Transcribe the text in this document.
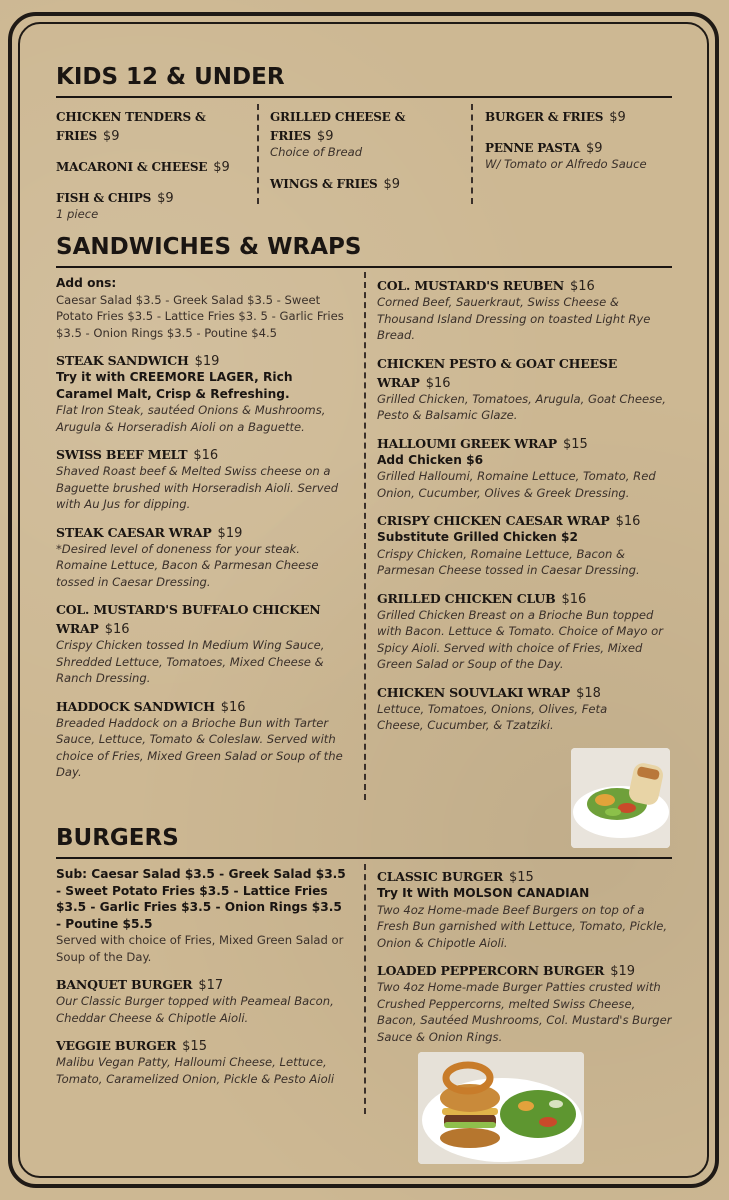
KIDS 12 & UNDER
CHICKEN TENDERS & FRIES $9
MACARONI & CHEESE $9
FISH & CHIPS $9
1 piece
GRILLED CHEESE & FRIES $9
Choice of Bread
WINGS & FRIES $9
BURGER & FRIES $9
PENNE PASTA $9
W/ Tomato or Alfredo Sauce
SANDWICHES & WRAPS
Add ons:
Caesar Salad $3.5 - Greek Salad $3.5 - Sweet Potato Fries $3.5 - Lattice Fries $3. 5 - Garlic Fries $3.5 - Onion Rings $3.5 - Poutine $4.5
STEAK SANDWICH $19
Try it with CREEMORE LAGER, Rich Caramel Malt, Crisp & Refreshing.
Flat Iron Steak, sautéed Onions & Mushrooms, Arugula & Horseradish Aioli on a Baguette.
SWISS BEEF MELT $16
Shaved Roast beef & Melted Swiss cheese on a Baguette brushed with Horseradish Aioli. Served with Au Jus for dipping.
STEAK CAESAR WRAP $19
*Desired level of doneness for your steak. Romaine Lettuce, Bacon & Parmesan Cheese tossed in Caesar Dressing.
COL. MUSTARD'S BUFFALO CHICKEN WRAP $16
Crispy Chicken tossed In Medium Wing Sauce, Shredded Lettuce, Tomatoes, Mixed Cheese & Ranch Dressing.
HADDOCK SANDWICH $16
Breaded Haddock on a Brioche Bun with Tarter Sauce, Lettuce, Tomato & Coleslaw. Served with choice of Fries, Mixed Green Salad or Soup of the Day.
COL. MUSTARD'S REUBEN $16
Corned Beef, Sauerkraut, Swiss Cheese & Thousand Island Dressing on toasted Light Rye Bread.
CHICKEN PESTO & GOAT CHEESE WRAP $16
Grilled Chicken, Tomatoes, Arugula, Goat Cheese, Pesto & Balsamic Glaze.
HALLOUMI GREEK WRAP $15
Add Chicken $6
Grilled Halloumi, Romaine Lettuce, Tomato, Red Onion, Cucumber, Olives & Greek Dressing.
CRISPY CHICKEN CAESAR WRAP $16
Substitute Grilled Chicken $2
Crispy Chicken, Romaine Lettuce, Bacon & Parmesan Cheese tossed in Caesar Dressing.
GRILLED CHICKEN CLUB $16
Grilled Chicken Breast on a Brioche Bun topped with Bacon. Lettuce & Tomato. Choice of Mayo or Spicy Aioli. Served with choice of Fries, Mixed Green Salad or Soup of the Day.
CHICKEN SOUVLAKI WRAP $18
Lettuce, Tomatoes, Onions, Olives, Feta Cheese, Cucumber, & Tzatziki.
BURGERS
Sub: Caesar Salad $3.5 - Greek Salad $3.5 - Sweet Potato Fries $3.5 - Lattice Fries $3.5 - Garlic Fries $3.5 - Onion Rings $3.5 - Poutine $5.5
Served with choice of Fries, Mixed Green Salad or Soup of the Day.
BANQUET BURGER $17
Our Classic Burger topped with Peameal Bacon, Cheddar Cheese & Chipotle Aioli.
VEGGIE BURGER $15
Malibu Vegan Patty, Halloumi Cheese, Lettuce, Tomato, Caramelized Onion, Pickle & Pesto Aioli
CLASSIC BURGER $15
Try It With MOLSON CANADIAN
Two 4oz Home-made Beef Burgers on top of a Fresh Bun garnished with Lettuce, Tomato, Pickle, Onion & Chipotle Aioli.
LOADED PEPPERCORN BURGER $19
Two 4oz Home-made Burger Patties crusted with Crushed Peppercorns, melted Swiss Cheese, Bacon, Sautéed Mushrooms, Col. Mustard's Burger Sauce & Onion Rings.
